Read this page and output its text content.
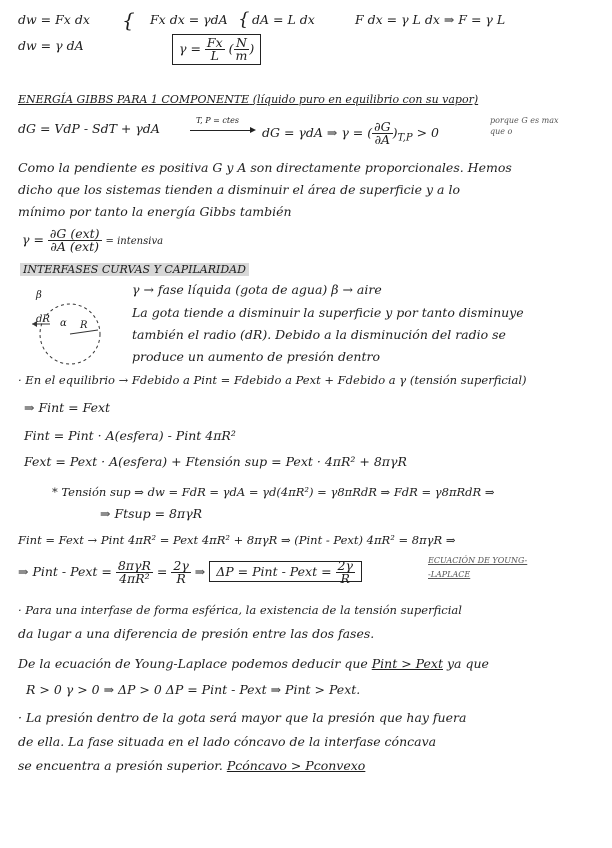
dw = Fx dx { Fx dx = γdA { dA = L dx	F dx = γ L dx ⇒ F = γ L
dw = γ dA	$\gamma = \frac{Fx}{L}$ ( $\frac{N}{m}$ )
ENERGÍA GIBBS PARA 1 COMPONENTE (líquido puro en equilibrio con su vapor)
dG = VdP - SdT + γdA
T, P = ctes
dG = γdA ⇒ γ = ( $\frac{\partial G}{\partial A} )_{T,P} > 0$
porque G es max
que o
Como la pendiente es positiva G y A son directamente proporcionales. Hemos
dicho que los sistemas tienden a disminuir el área de superficie y a lo
mínimo por tanto la energía Gibbs también
$\gamma = \frac{\text{∂G (ext)}}{\text{∂A (ext)}}$ = intensiva
INTERFASES CURVAS Y CAPILARIDAD
β
dR
R
α
γ → fase líquida (gota de agua) β → aire
La gota tiende a disminuir la superficie y por tanto disminuye
también el radio (dR). Debido a la disminución del radio se
produce un aumento de presión dentro
· En el equilibrio → Fdebido a Pint = Fdebido a Pext + Fdebido a γ (tensión superficial)
⇒ Fint = Fext
Fint = Pint · A(esfera) - Pint 4πR²
Fext = Pext · A(esfera) + Ftensión sup = Pext · 4πR² + 8πγR
* Tensión sup ⇒ dw = FdR = γdA = γd(4πR²) = γ8πRdR ⇒ FdR = γ8πRdR ⇒
⇒ Ftsup = 8πγR
Fint = Fext → Pint 4πR² = Pext 4πR² + 8πγR ⇒ (Pint - Pext) 4πR² = 8πγR ⇒
⇒ Pint - Pext = $\frac{\text{8πγR}}{\text{4πR²}} = \frac{2\gamma}{R}$ ⇒ ΔP = Pint - Pext = $\frac{2\gamma}{R}$	ECUACIÓN DE YOUNG-
-LAPLACE
· Para una interfase de forma esférica, la existencia de la tensión superficial
da lugar a una diferencia de presión entre las dos fases.
De la ecuación de Young-Laplace podemos deducir que Pint > Pext ya que
R > 0 γ > 0 ⇒ ΔP > 0 ΔP = Pint - Pext ⇒ Pint > Pext.
· La presión dentro de la gota será mayor que la presión que hay fuera
de ella. La fase situada en el lado cóncavo de la interfase cóncava
se encuentra a presión superior. Pcóncavo > Pconvexo
